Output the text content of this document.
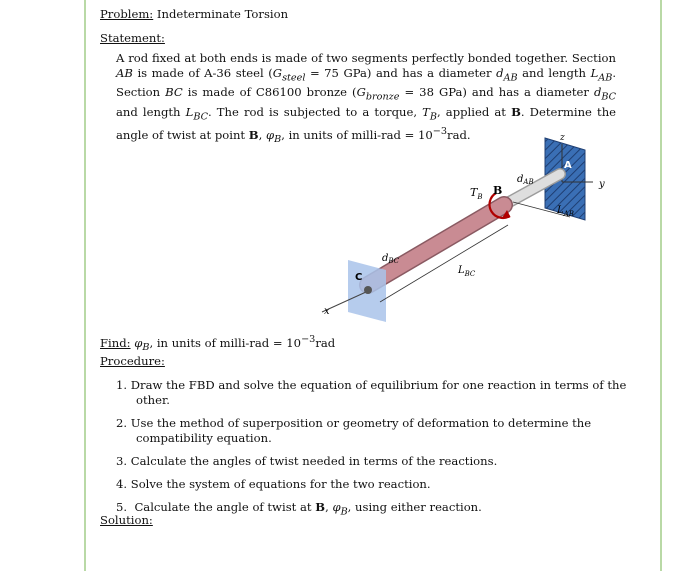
Problem: Indeterminate Torsion
Statement:

A rod fixed at both ends is made of two segments perfectly bonded together. Section AB is made of A-36 steel ($G_{steel} = 75$ GPa) and has a diameter $d_{AB}$ and length $L_{AB}$. Section BC is made of C86100 bronze ($G_{bronze} = 38$ GPa) and has a diameter $d_{BC}$ and length $L_{BC}$. The rod is subjected to a torque, $T_B$, applied at B. Determine the angle of twist at point B, $\varphi_B$, in units of milli-rad = $10^{-3}rad$.

A
z
y
x
C
$T_B$ B
$d_{AB}$
$L_{AB}$
$L_{BC}$
$d_{BC}$
Find: $\varphi_B$, in units of milli-rad = $10^{-3}rad$
Procedure:
1. Draw the FBD and solve the equation of equilibrium for one reaction in terms of the other.
2. Use the method of superposition or geometry of deformation to determine the compatibility equation.
3. Calculate the angles of twist needed in terms of the reactions.
4. Solve the system of equations for the two reaction.
5. Calculate the angle of twist at B, $\varphi_B$, using either reaction.
Solution:
